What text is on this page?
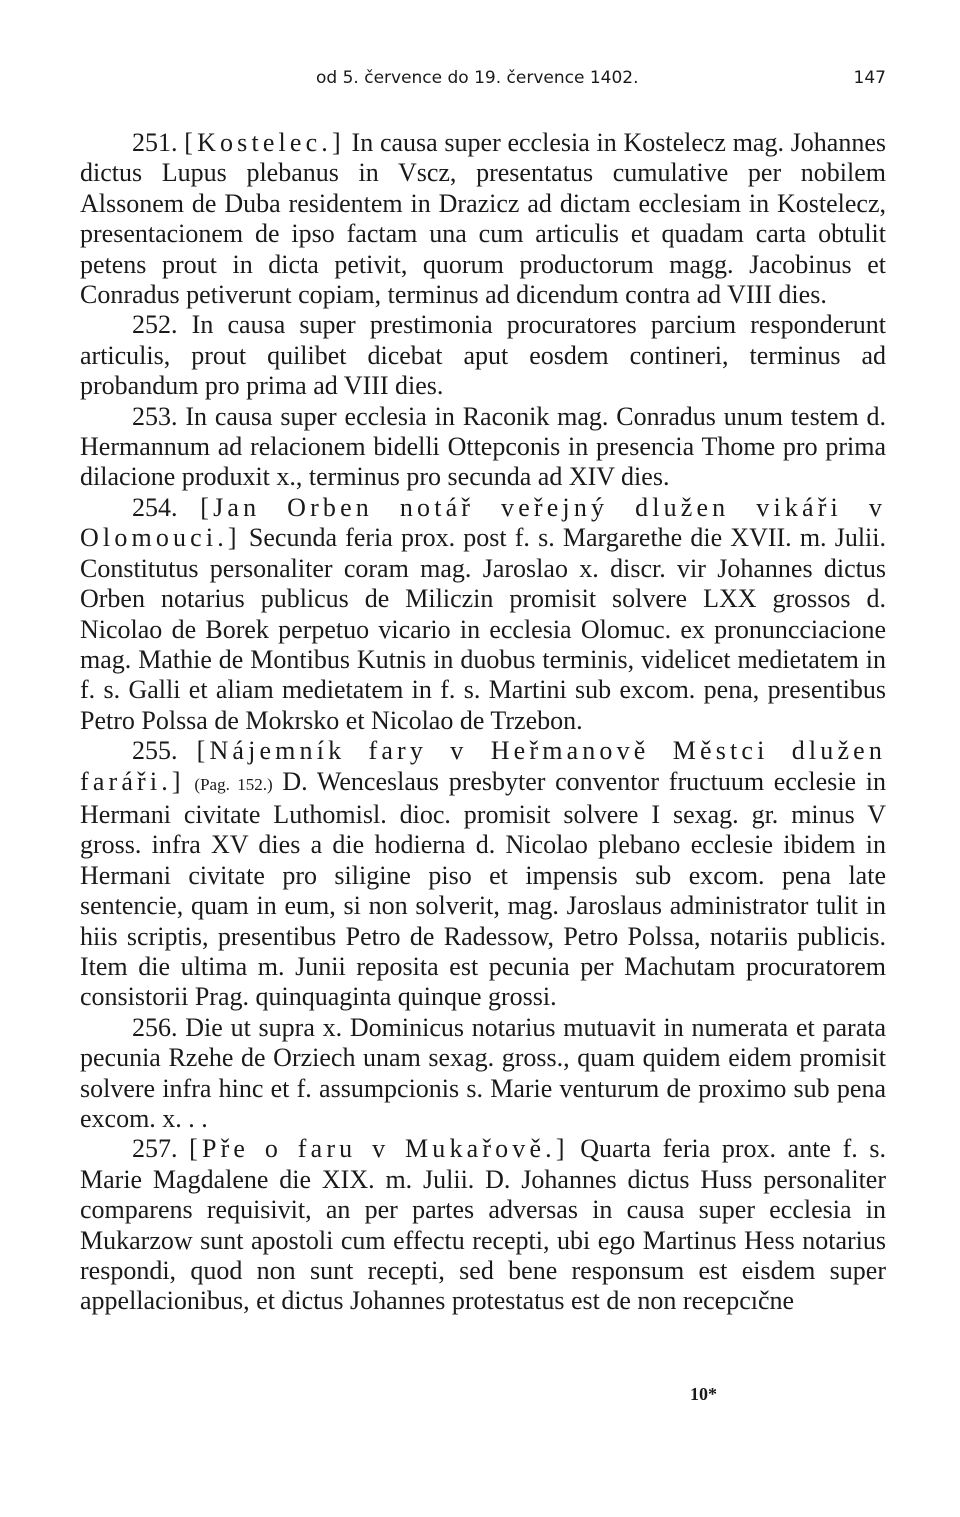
od 5. července do 19. července 1402.	147

251. [Kostelec.] In causa super ecclesia in Kostelecz mag. Johannes dictus Lupus plebanus in Vscz, presentatus cumulative per nobilem Alssonem de Duba residentem in Drazicz ad dictam ecclesiam in Kostelecz, presentacionem de ipso factam una cum articulis et quadam carta obtulit petens prout in dicta petivit, quorum productorum magg. Jacobinus et Conradus petiverunt copiam, terminus ad dicendum contra ad VIII dies.

252. In causa super prestimonia procuratores parcium responderunt articulis, prout quilibet dicebat aput eosdem contineri, terminus ad probandum pro prima ad VIII dies.

253. In causa super ecclesia in Raconik mag. Conradus unum testem d. Hermannum ad relacionem bidelli Ottepconis in presencia Thome pro prima dilacione produxit x., terminus pro secunda ad XIV dies.

254. [Jan Orben notář veřejný dlužen vikáři v Olomouci.] Secunda feria prox. post f. s. Margarethe die XVII. m. Julii. Constitutus personaliter coram mag. Jaroslao x. discr. vir Johannes dictus Orben notarius publicus de Miliczin promisit solvere LXX grossos d. Nicolao de Borek perpetuo vicario in ecclesia Olomuc. ex pronuncciacione mag. Mathie de Montibus Kutnis in duobus terminis, videlicet medietatem in f. s. Galli et aliam medietatem in f. s. Martini sub excom. pena, presentibus Petro Polssa de Mokrsko et Nicolao de Trzebon.

255. [Nájemník fary v Heřmanově Městci dlužen faráři.] (Pag. 152.) D. Wenceslaus presbyter conventor fructuum ecclesie in Hermani civitate Luthomisl. dioc. promisit solvere I sexag. gr. minus V gross. infra XV dies a die hodierna d. Nicolao plebano ecclesie ibidem in Hermani civitate pro siligine piso et impensis sub excom. pena late sentencie, quam in eum, si non solverit, mag. Jaroslaus administrator tulit in hiis scriptis, presentibus Petro de Radessow, Petro Polssa, notariis publicis. Item die ultima m. Junii reposita est pecunia per Machutam procuratorem consistorii Prag. quinquaginta quinque grossi.

256. Die ut supra x. Dominicus notarius mutuavit in numerata et parata pecunia Rzehe de Orziech unam sexag. gross., quam quidem eidem promisit solvere infra hinc et f. assumpcionis s. Marie venturum de proximo sub pena excom. x. . .

257. [Pře o faru v Mukařově.] Quarta feria prox. ante f. s. Marie Magdalene die XIX. m. Julii. D. Johannes dictus Huss personaliter comparens requisivit, an per partes adversas in causa super ecclesia in Mukarzow sunt apostoli cum effectu recepti, ubi ego Martinus Hess notarius respondi, quod non sunt recepti, sed bene responsum est eisdem super appellacionibus, et dictus Johannes protestatus est de non recepcıčne

10*
